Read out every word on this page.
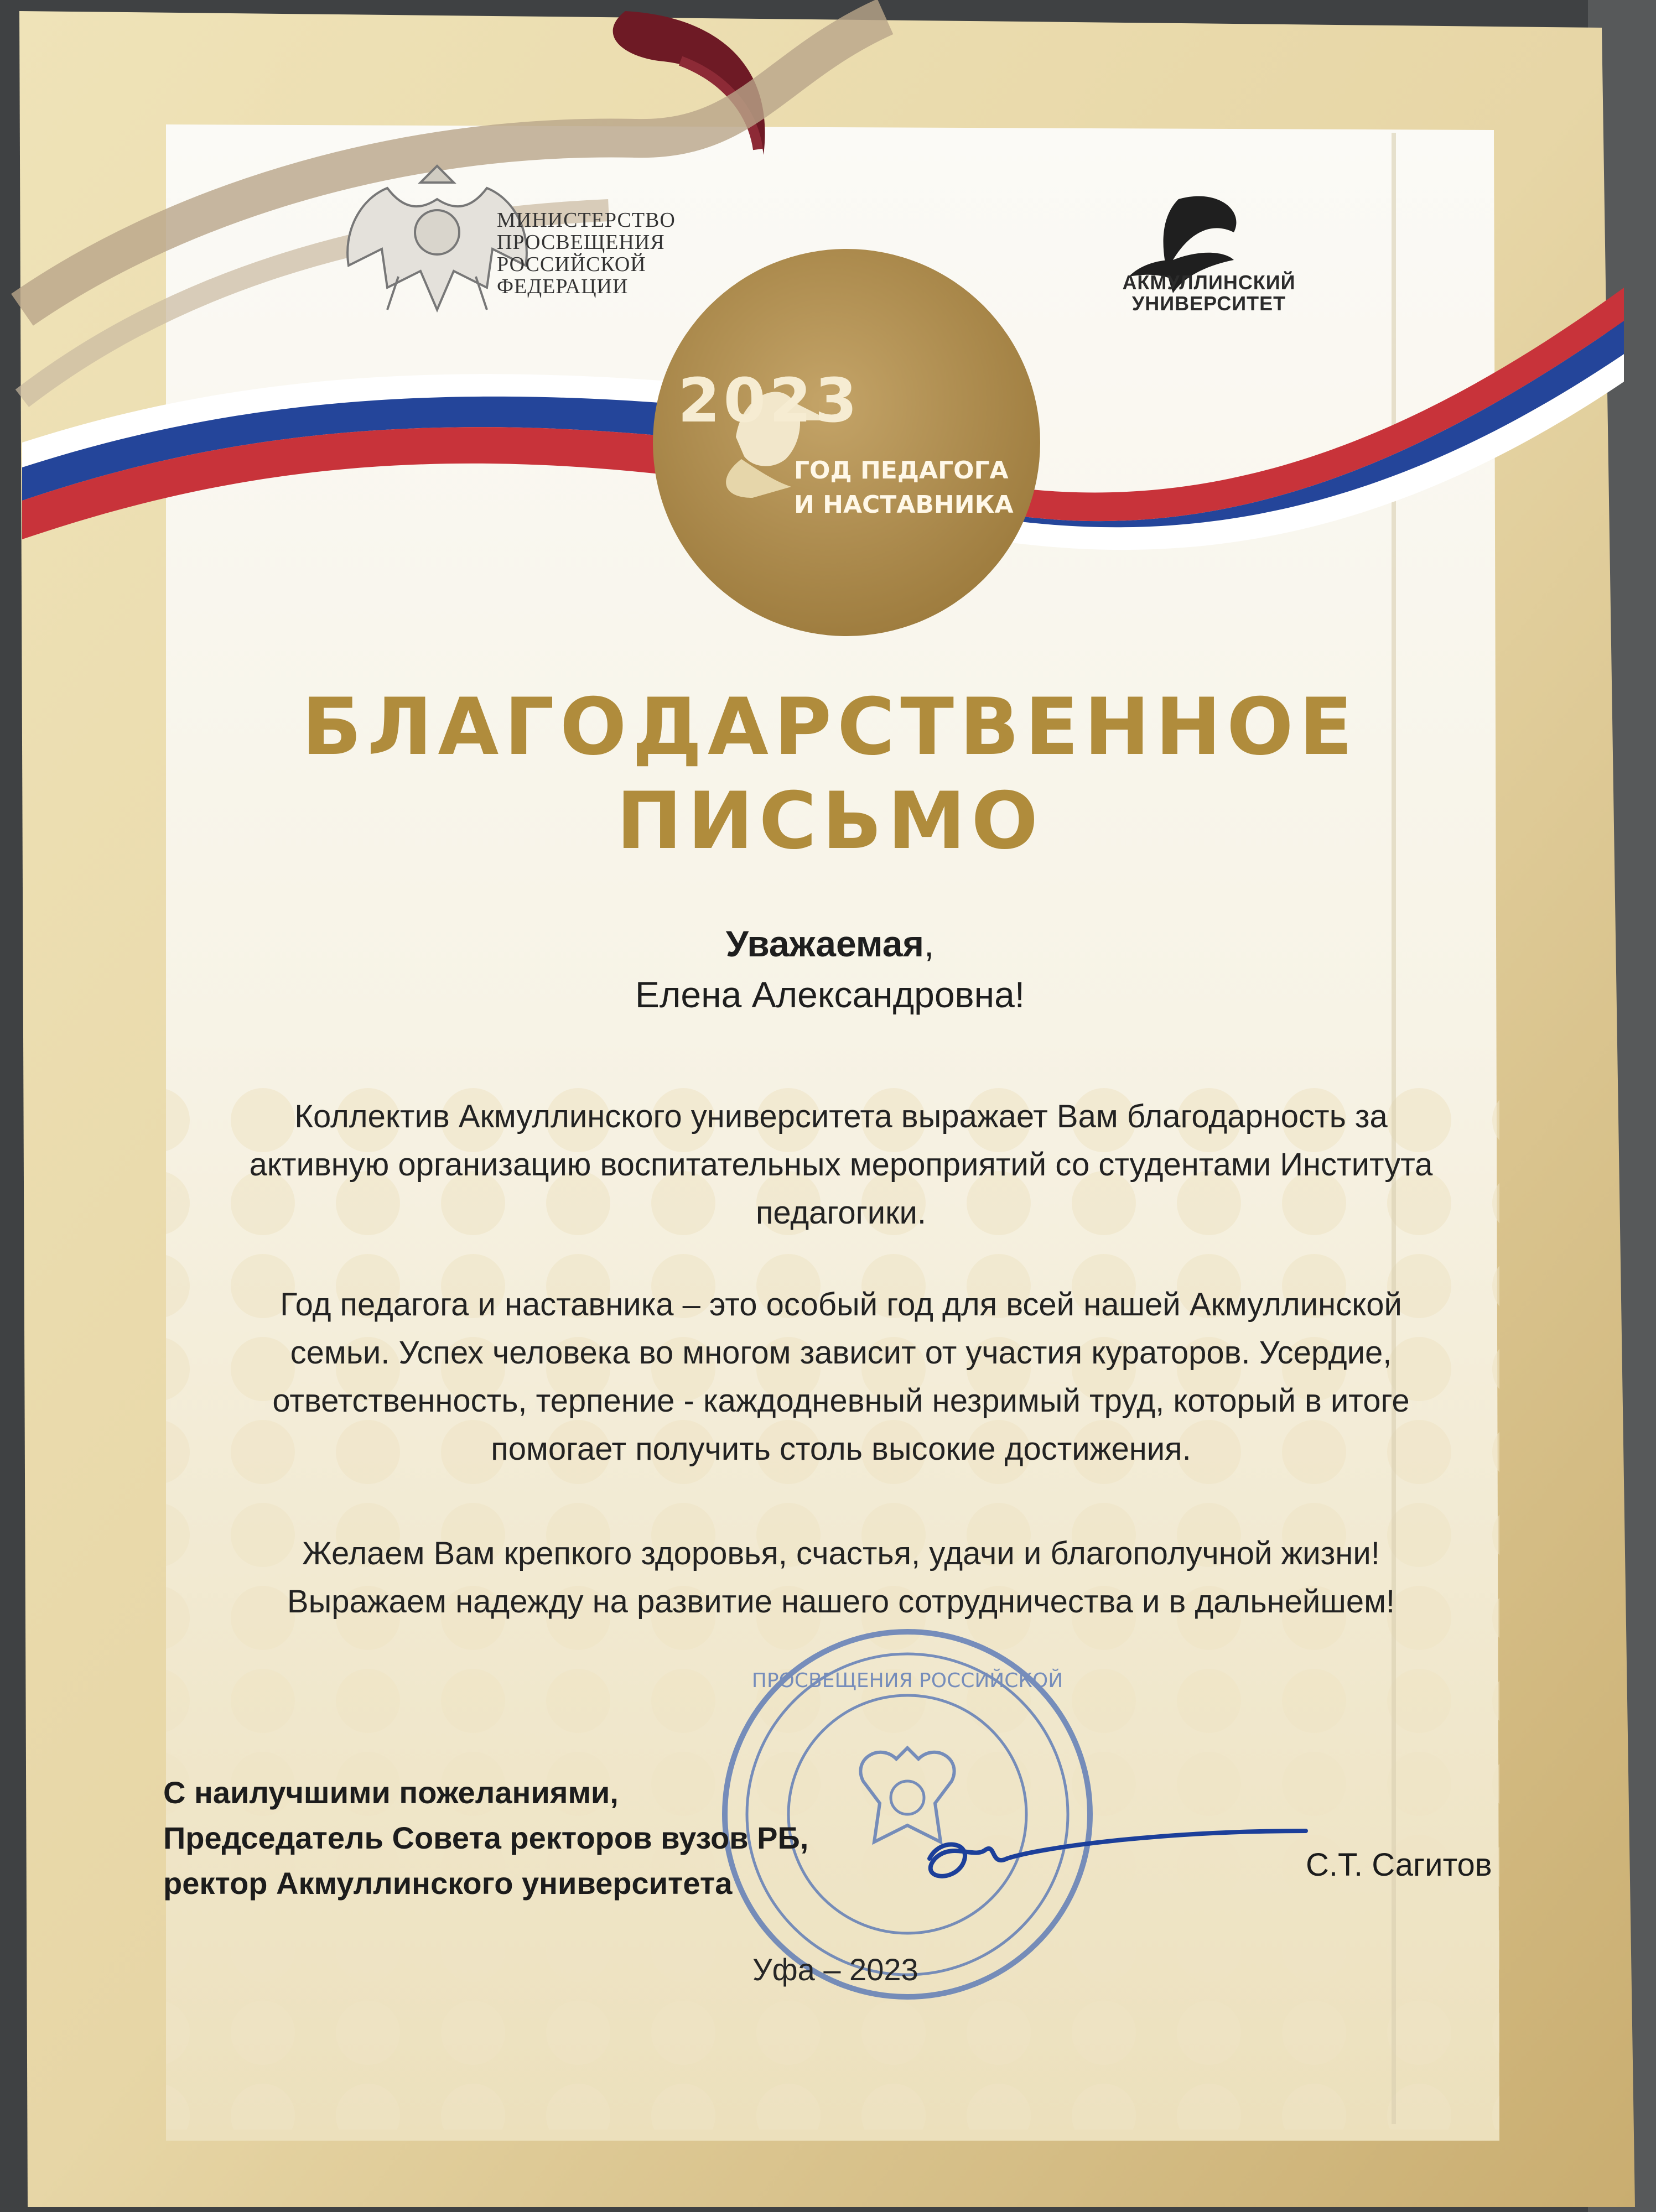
ПРОСВЕЩЕНИЯ РОССИЙСКОЙ
МИНИСТЕРСТВО
ПРОСВЕЩЕНИЯ
РОССИЙСКОЙ
ФЕДЕРАЦИИ	АКМУЛЛИНСКИЙ
УНИВЕРСИТЕТ
2023
ГОД ПЕДАГОГА
И НАСТАВНИКА
БЛАГОДАРСТВЕННОЕ
ПИСЬМО
Уважаемая,
Елена Александровна!
Коллектив Акмуллинского университета выражает Вам благодарность за
активную организацию воспитательных мероприятий со студентами Института
педагогики.
Год педагога и наставника – это особый год для всей нашей Акмуллинской
семьи. Успех человека во многом зависит от участия кураторов. Усердие,
ответственность, терпение - каждодневный незримый труд, который в итоге
помогает получить столь высокие достижения.
Желаем Вам крепкого здоровья, счастья, удачи и благополучной жизни!
Выражаем надежду на развитие нашего сотрудничества и в дальнейшем!
С наилучшими пожеланиями,
Председатель Совета ректоров вузов РБ,
ректор Акмуллинского университета
С.Т. Сагитов
Уфа – 2023
